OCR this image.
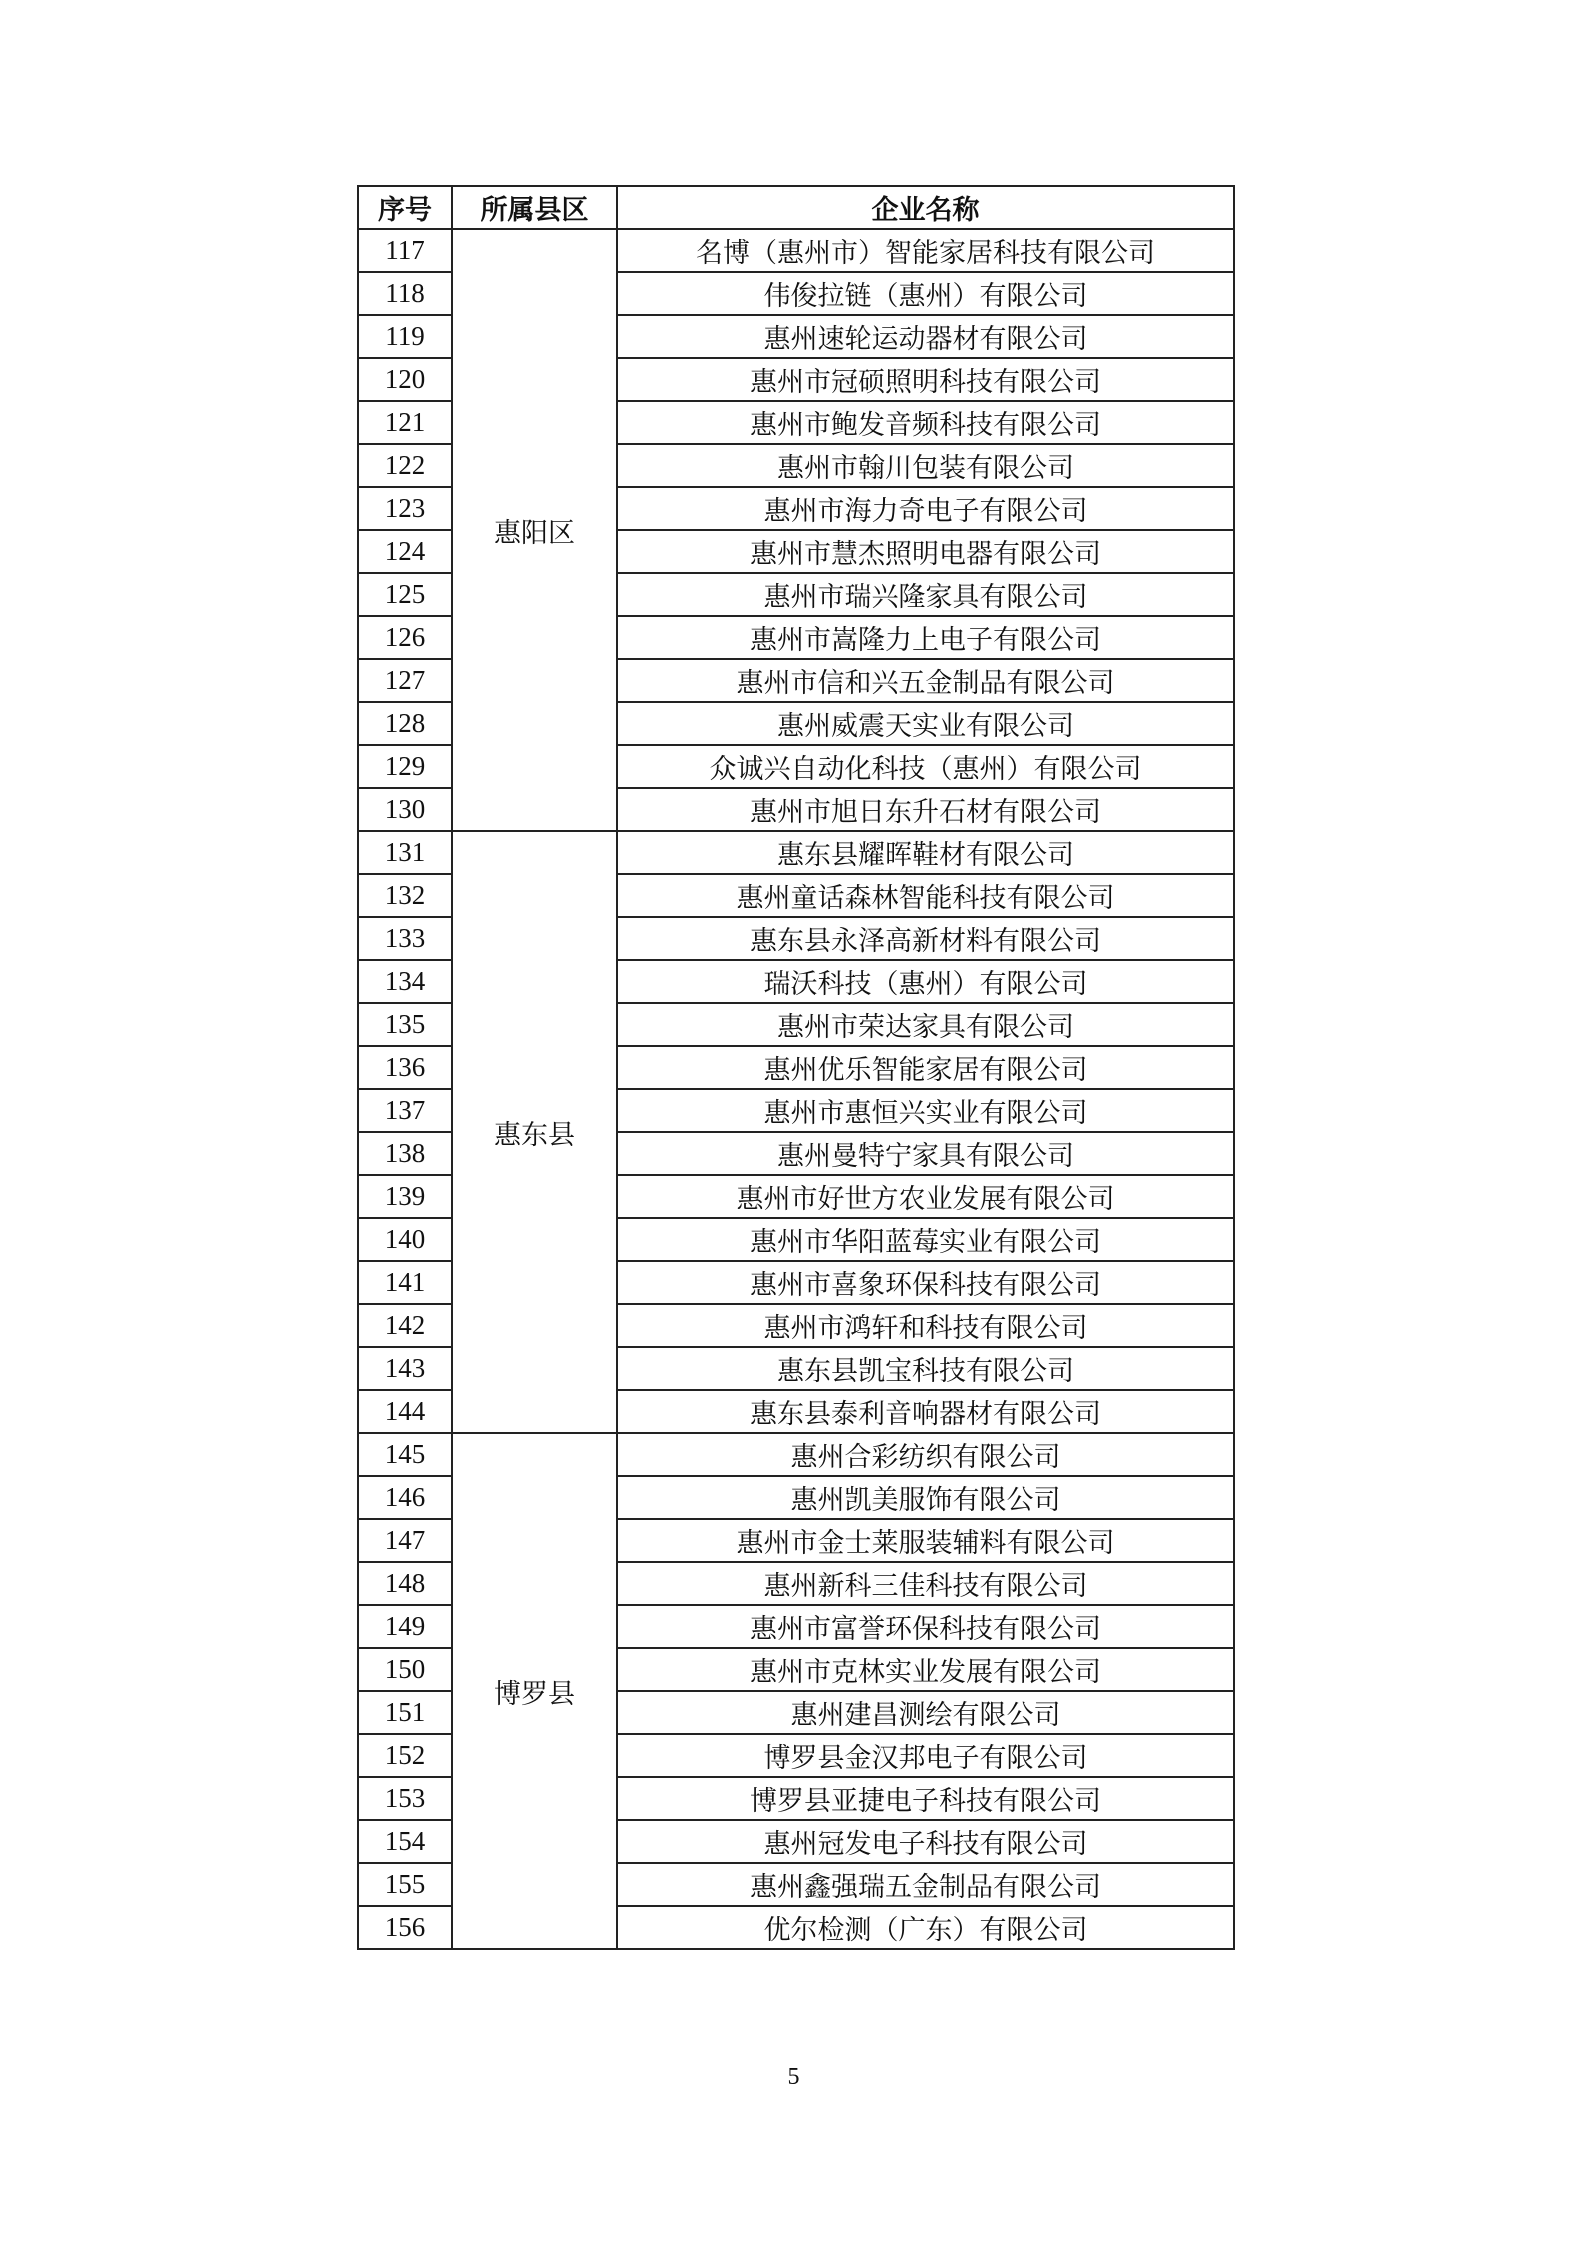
序号	所属县区	企业名称
117	惠阳区	名博（惠州市）智能家居科技有限公司
118		伟俊拉链（惠州）有限公司
119		惠州速轮运动器材有限公司
120		惠州市冠硕照明科技有限公司
121		惠州市鲍发音频科技有限公司
122		惠州市翰川包装有限公司
123		惠州市海力奇电子有限公司
124		惠州市慧杰照明电器有限公司
125		惠州市瑞兴隆家具有限公司
126		惠州市嵩隆力上电子有限公司
127		惠州市信和兴五金制品有限公司
128		惠州威震天实业有限公司
129		众诚兴自动化科技（惠州）有限公司
130		惠州市旭日东升石材有限公司
131	惠东县	惠东县耀晖鞋材有限公司
132		惠州童话森林智能科技有限公司
133		惠东县永泽高新材料有限公司
134		瑞沃科技（惠州）有限公司
135		惠州市荣达家具有限公司
136		惠州优乐智能家居有限公司
137		惠州市惠恒兴实业有限公司
138		惠州曼特宁家具有限公司
139		惠州市好世方农业发展有限公司
140		惠州市华阳蓝莓实业有限公司
141		惠州市喜象环保科技有限公司
142		惠州市鸿轩和科技有限公司
143		惠东县凯宝科技有限公司
144		惠东县泰利音响器材有限公司
145	博罗县	惠州合彩纺织有限公司
146		惠州凯美服饰有限公司
147		惠州市金士莱服装辅料有限公司
148		惠州新科三佳科技有限公司
149		惠州市富誉环保科技有限公司
150		惠州市克林实业发展有限公司
151		惠州建昌测绘有限公司
152		博罗县金汉邦电子有限公司
153		博罗县亚捷电子科技有限公司
154		惠州冠发电子科技有限公司
155		惠州鑫强瑞五金制品有限公司
156		优尔检测（广东）有限公司
5
